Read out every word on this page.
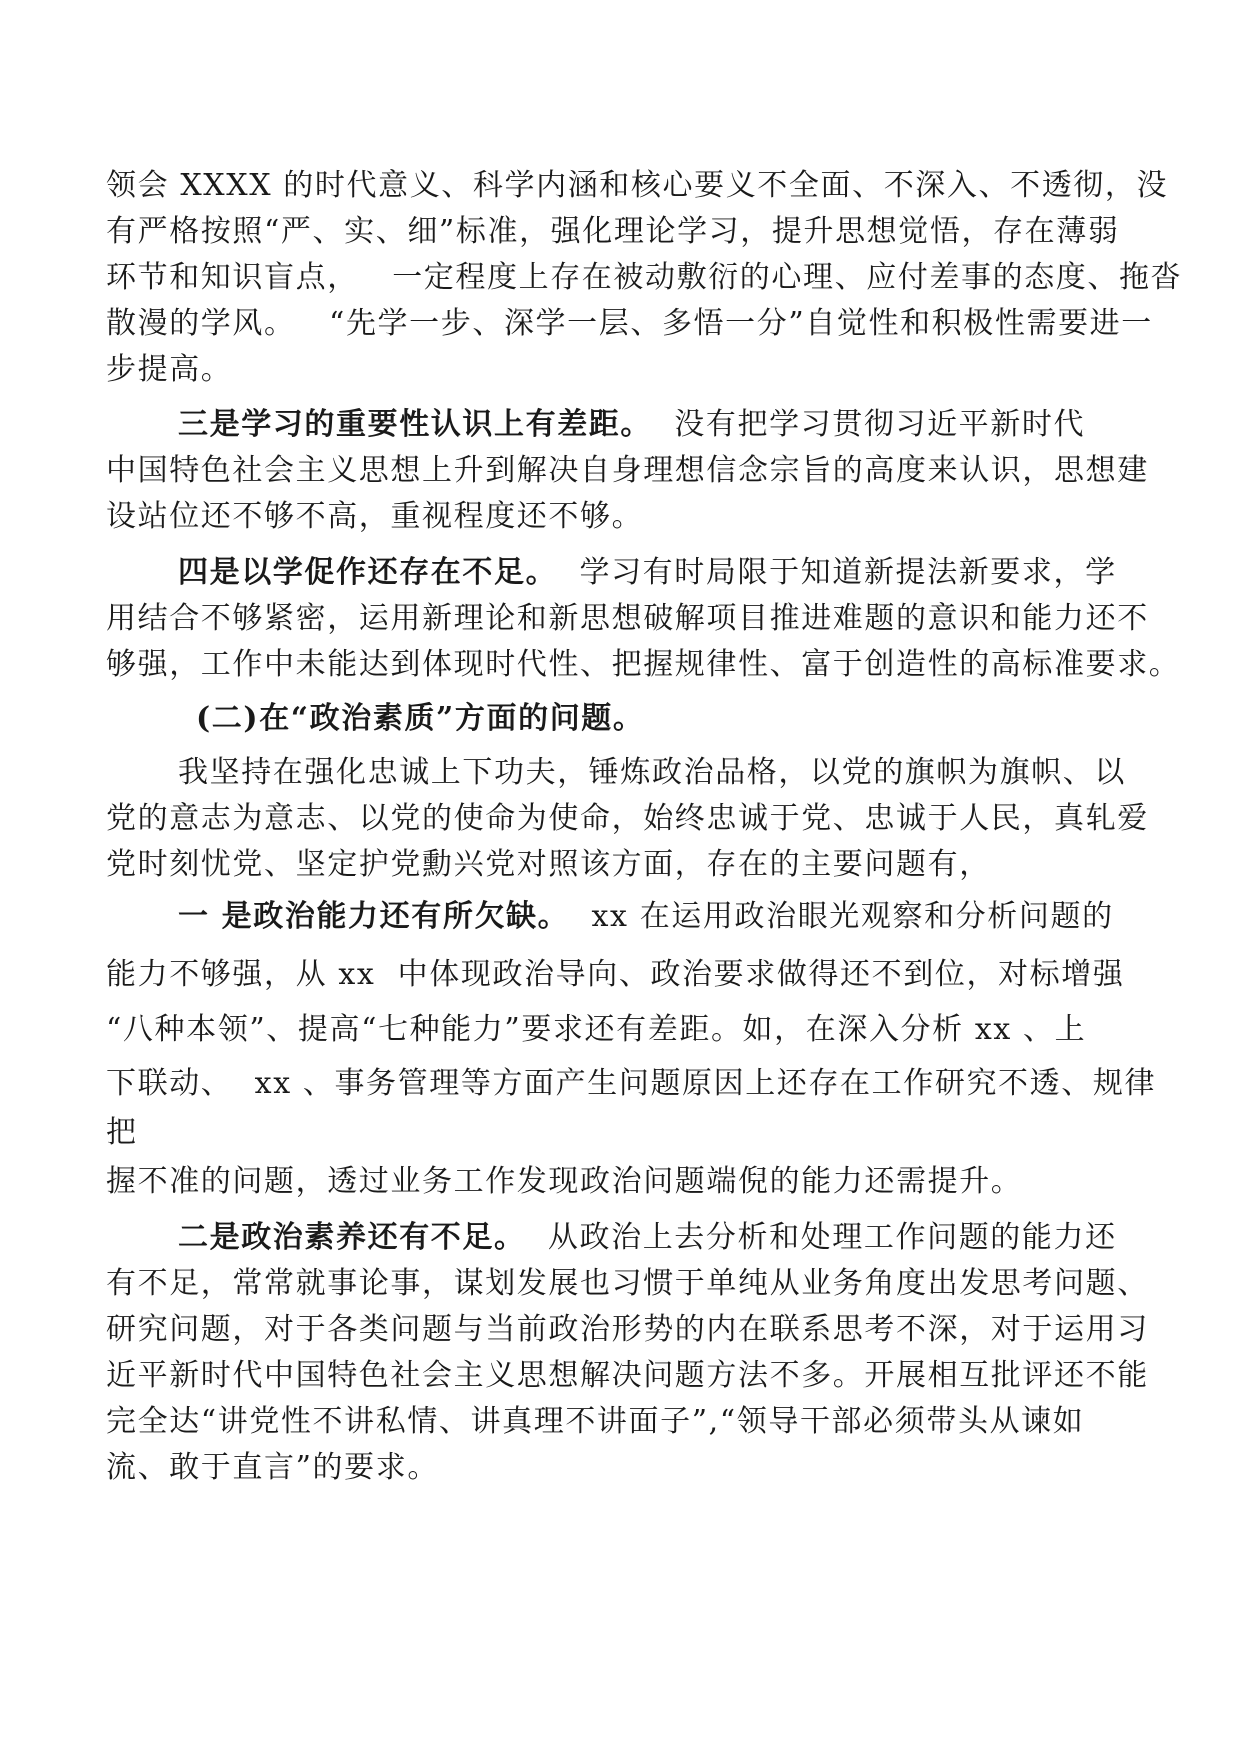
领会 XXXX 的时代意义、科学内涵和核心要义不全面、不深入、不透彻，没
有严格按照“严、实、细”标准，强化理论学习，提升思想觉悟，存在薄弱
环节和知识盲点，   一定程度上存在被动敷衍的心理、应付差事的态度、拖沓
散漫的学风。   “先学一步、深学一层、多悟一分”自觉性和积极性需要进一
步提高。
三是学习的重要性认识上有差距。 没有把学习贯彻习近平新时代
中国特色社会主义思想上升到解决自身理想信念宗旨的高度来认识，思想建
设站位还不够不高，重视程度还不够。
四是以学促作还存在不足。 学习有时局限于知道新提法新要求，学
用结合不够紧密，运用新理论和新思想破解项目推进难题的意识和能力还不
够强，工作中未能达到体现时代性、把握规律性、富于创造性的高标准要求。
(二)在“政治素质”方面的问题。
我坚持在强化忠诚上下功夫，锤炼政治品格，以党的旗帜为旗帜、以
党的意志为意志、以党的使命为使命，始终忠诚于党、忠诚于人民，真轧爱
党时刻忧党、坚定护党勳兴党对照该方面，存在的主要问题有，
一 是政治能力还有所欠缺。 xx 在运用政治眼光观察和分析问题的
能力不够强，从 xx  中体现政治导向、政治要求做得还不到位，对标增强
“八种本领”、提高“七种能力”要求还有差距。如，在深入分析 xx 、上
下联动、  xx 、事务管理等方面产生问题原因上还存在工作研究不透、规律
把
握不准的问题，透过业务工作发现政治问题端倪的能力还需提升。
二是政治素养还有不足。 从政治上去分析和处理工作问题的能力还
有不足，常常就事论事，谋划发展也习惯于单纯从业务角度出发思考问题、
研究问题，对于各类问题与当前政治形势的内在联系思考不深，对于运用习
近平新时代中国特色社会主义思想解决问题方法不多。开展相互批评还不能
完全达“讲党性不讲私情、讲真理不讲面子”,“领导干部必须带头从谏如
流、敢于直言”的要求。
